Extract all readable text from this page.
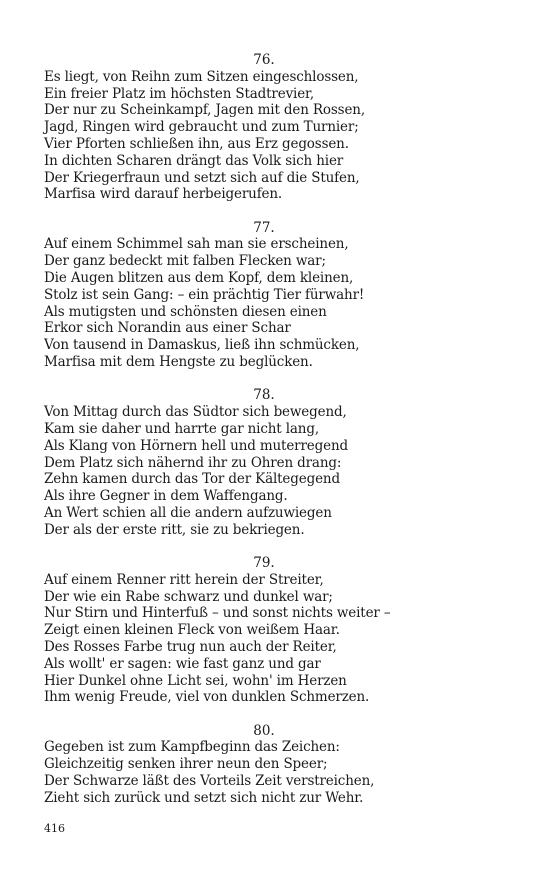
76.
Es liegt, von Reihn zum Sitzen eingeschlossen,
Ein freier Platz im höchsten Stadtrevier,
Der nur zu Scheinkampf, Jagen mit den Rossen,
Jagd, Ringen wird gebraucht und zum Turnier;
Vier Pforten schließen ihn, aus Erz gegossen.
In dichten Scharen drängt das Volk sich hier
Der Kriegerfraun und setzt sich auf die Stufen,
Marfisa wird darauf herbeigerufen.
77.
Auf einem Schimmel sah man sie erscheinen,
Der ganz bedeckt mit falben Flecken war;
Die Augen blitzen aus dem Kopf, dem kleinen,
Stolz ist sein Gang: – ein prächtig Tier fürwahr!
Als mutigsten und schönsten diesen einen
Erkor sich Norandin aus einer Schar
Von tausend in Damaskus, ließ ihn schmücken,
Marfisa mit dem Hengste zu beglücken.
78.
Von Mittag durch das Südtor sich bewegend,
Kam sie daher und harrte gar nicht lang,
Als Klang von Hörnern hell und muterregend
Dem Platz sich nähernd ihr zu Ohren drang:
Zehn kamen durch das Tor der Kältegegend
Als ihre Gegner in dem Waffengang.
An Wert schien all die andern aufzuwiegen
Der als der erste ritt, sie zu bekriegen.
79.
Auf einem Renner ritt herein der Streiter,
Der wie ein Rabe schwarz und dunkel war;
Nur Stirn und Hinterfuß – und sonst nichts weiter –
Zeigt einen kleinen Fleck von weißem Haar.
Des Rosses Farbe trug nun auch der Reiter,
Als wollt' er sagen: wie fast ganz und gar
Hier Dunkel ohne Licht sei, wohn' im Herzen
Ihm wenig Freude, viel von dunklen Schmerzen.
80.
Gegeben ist zum Kampfbeginn das Zeichen:
Gleichzeitig senken ihrer neun den Speer;
Der Schwarze läßt des Vorteils Zeit verstreichen,
Zieht sich zurück und setzt sich nicht zur Wehr.
416
